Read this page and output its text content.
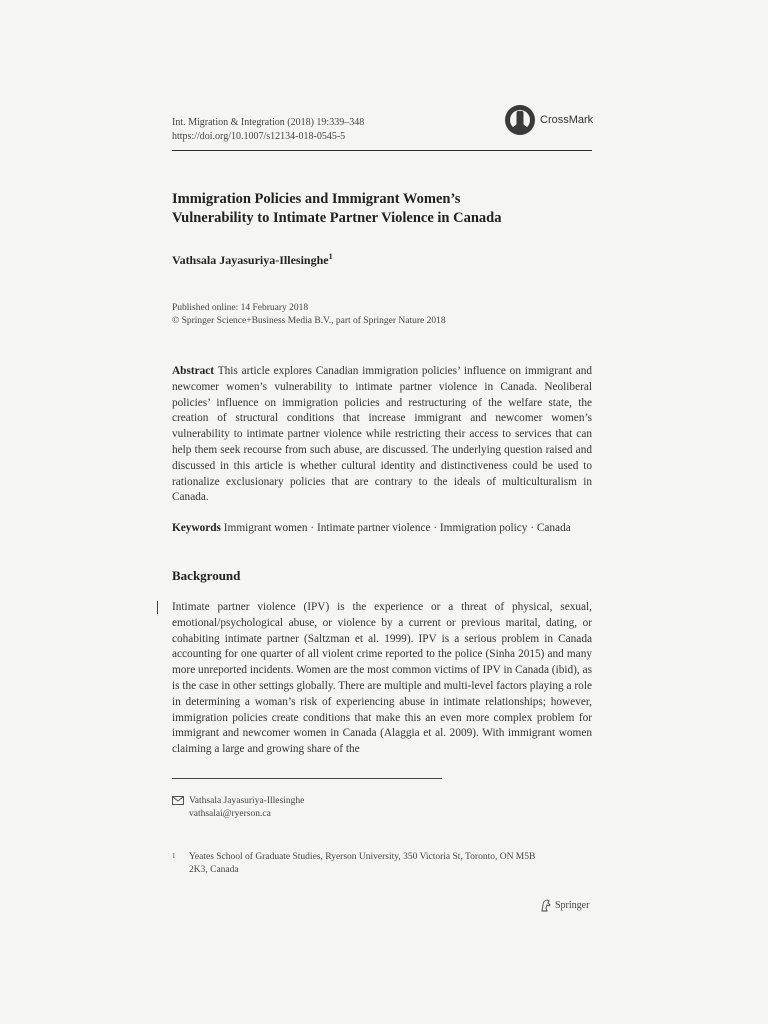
Int. Migration & Integration (2018) 19:339–348
https://doi.org/10.1007/s12134-018-0545-5
CrossMark
Immigration Policies and Immigrant Women’s
Vulnerability to Intimate Partner Violence in Canada
Vathsala Jayasuriya-Illesinghe$^1$
Published online: 14 February 2018
© Springer Science+Business Media B.V., part of Springer Nature 2018
Abstract This article explores Canadian immigration policies’ influence on immigrant and newcomer women’s vulnerability to intimate partner violence in Canada. Neoliberal policies’ influence on immigration policies and restructuring of the welfare state, the creation of structural conditions that increase immigrant and newcomer women’s vulnerability to intimate partner violence while restricting their access to services that can help them seek recourse from such abuse, are discussed. The underlying question raised and discussed in this article is whether cultural identity and distinctiveness could be used to rationalize exclusionary policies that are contrary to the ideals of multiculturalism in Canada.
Keywords Immigrant women · Intimate partner violence · Immigration policy · Canada
Background
Intimate partner violence (IPV) is the experience or a threat of physical, sexual, emotional/psychological abuse, or violence by a current or previous marital, dating, or cohabiting intimate partner (Saltzman et al. 1999). IPV is a serious problem in Canada accounting for one quarter of all violent crime reported to the police (Sinha 2015) and many more unreported incidents. Women are the most common victims of IPV in Canada (ibid), as is the case in other settings globally. There are multiple and multi-level factors playing a role in determining a woman’s risk of experiencing abuse in intimate relationships; however, immigration policies create conditions that make this an even more complex problem for immigrant and newcomer women in Canada (Alaggia et al. 2009). With immigrant women claiming a large and growing share of the
Vathsala Jayasuriya-Illesinghe
vathsalai@ryerson.ca
1 Yeates School of Graduate Studies, Ryerson University, 350 Victoria St, Toronto, ON M5B
2K3, Canada
Springer
